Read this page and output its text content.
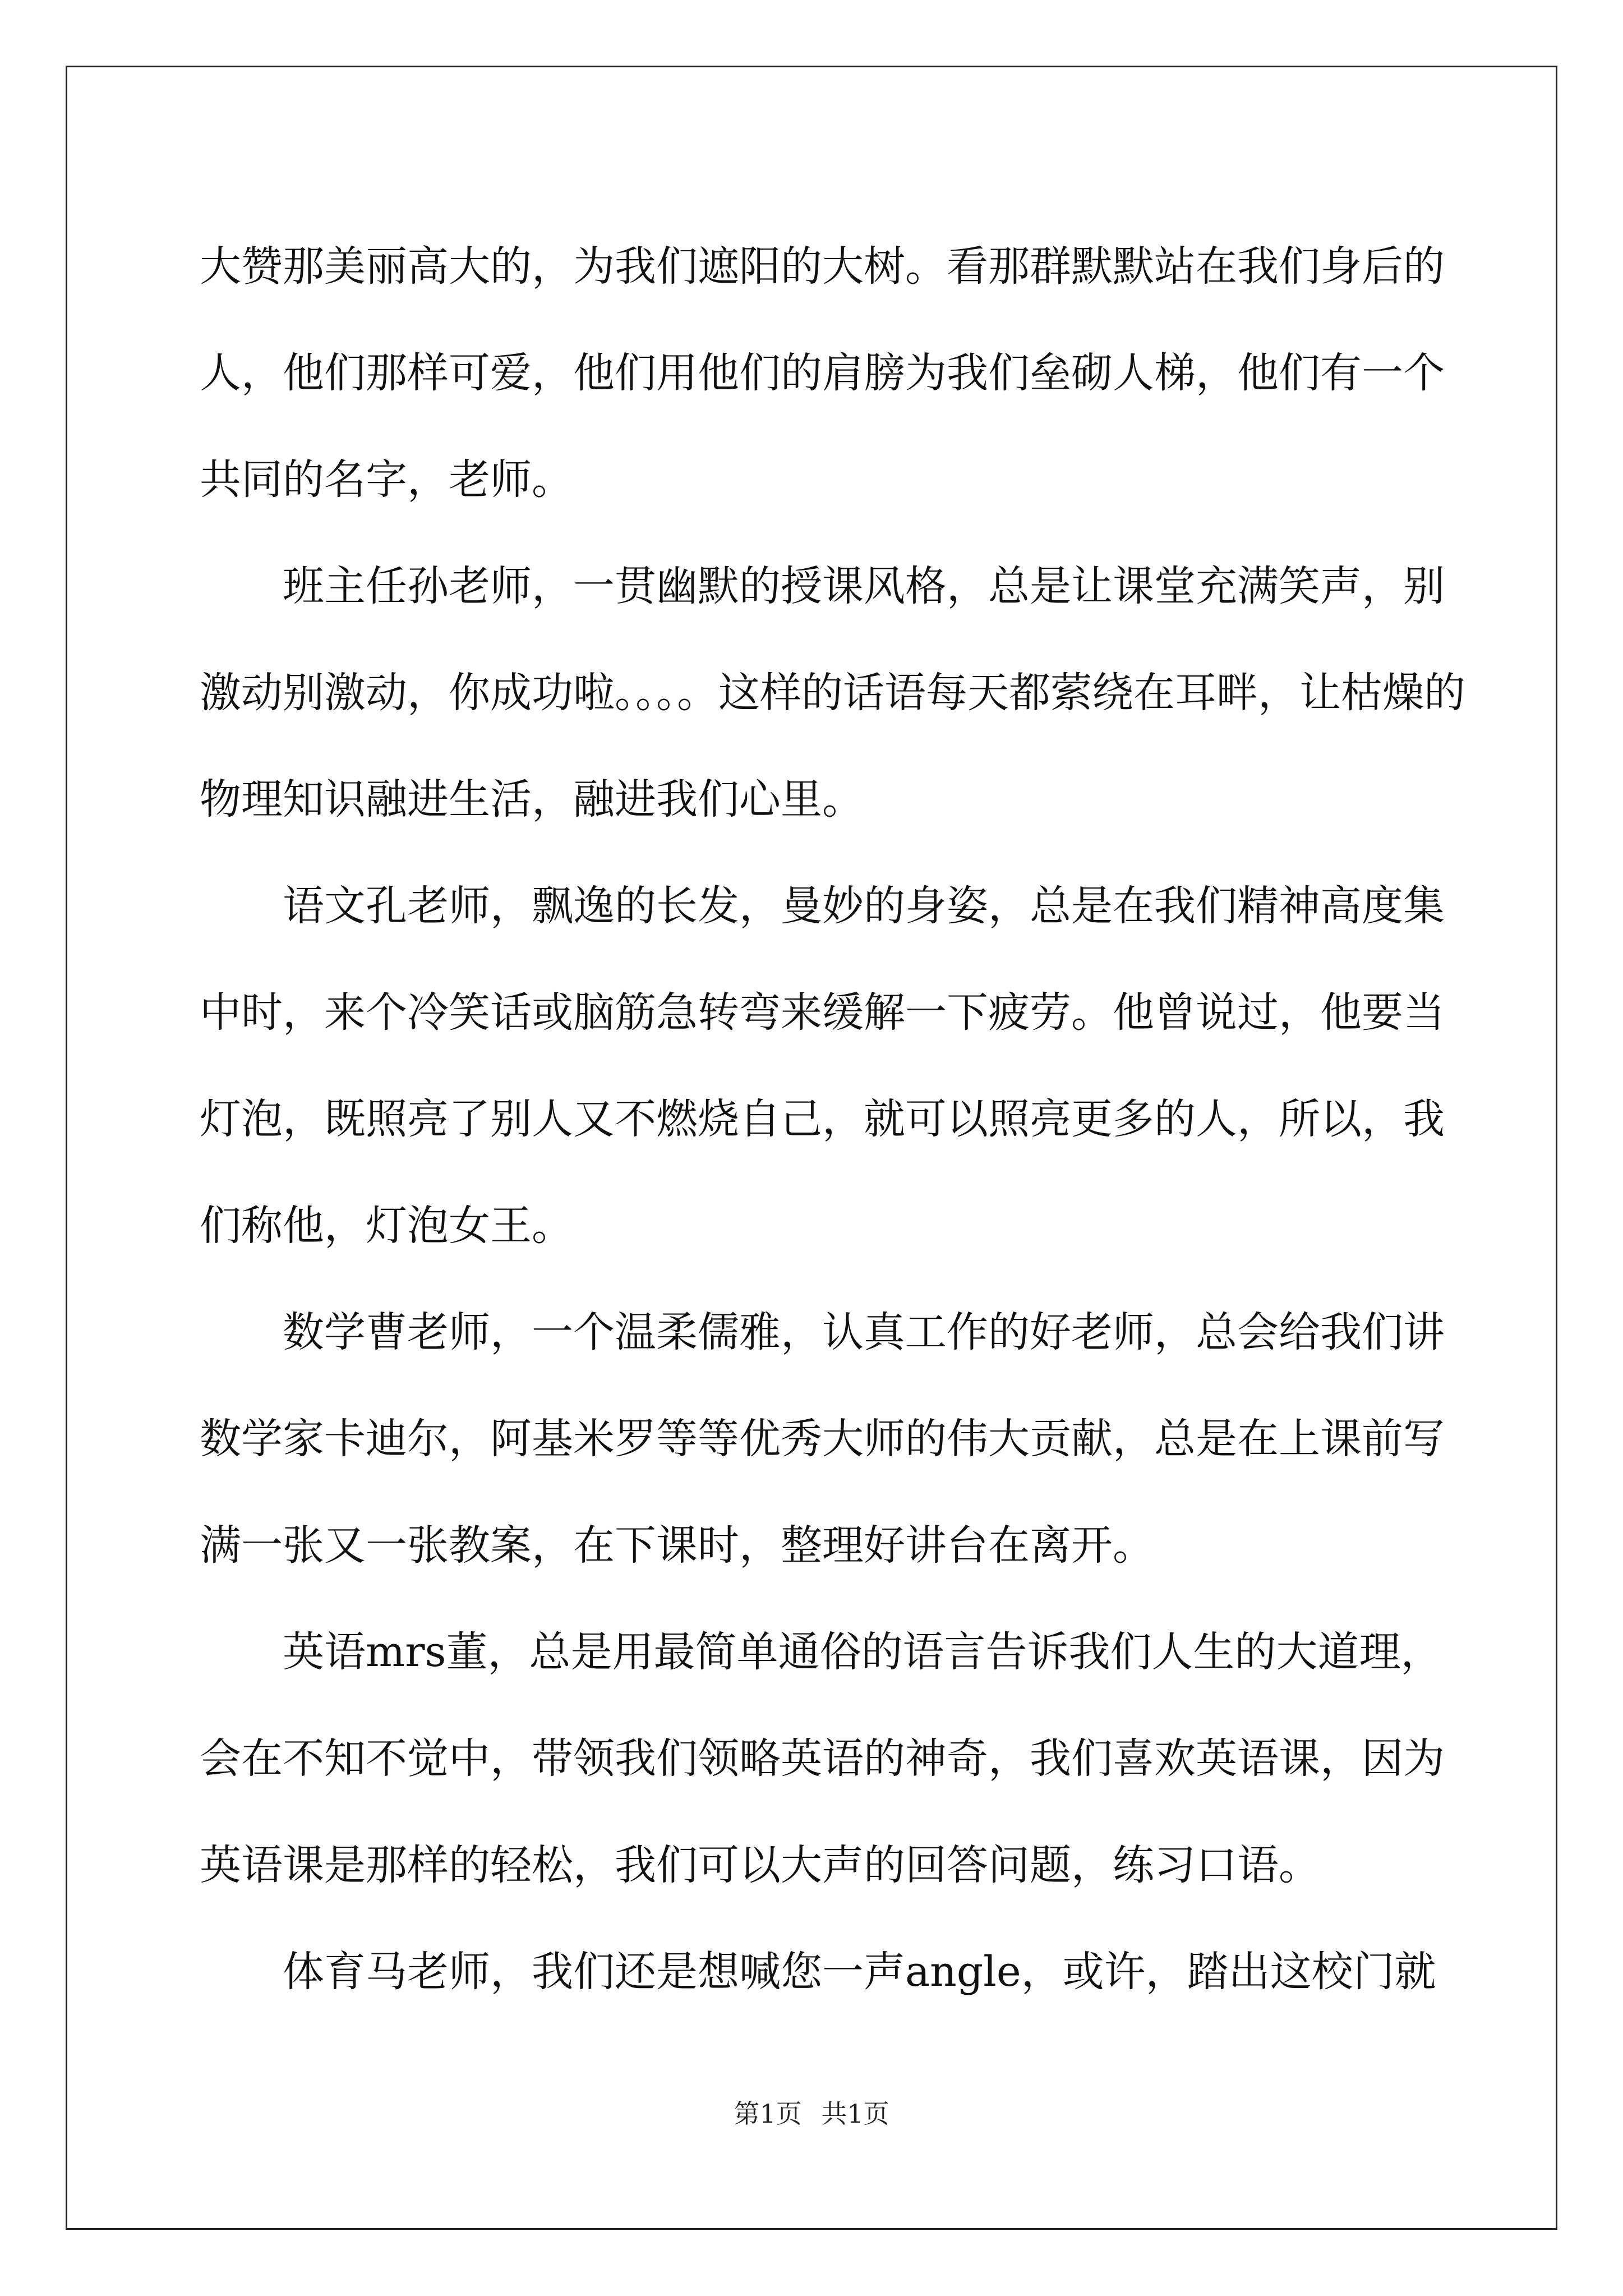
大赞那美丽高大的，为我们遮阳的大树。看那群默默站在我们身后的
人，他们那样可爱，他们用他们的肩膀为我们垒砌人梯，他们有一个
共同的名字，老师。
班主任孙老师，一贯幽默的授课风格，总是让课堂充满笑声，别
激动别激动，你成功啦。。。。这样的话语每天都萦绕在耳畔，让枯燥的
物理知识融进生活，融进我们心里。
语文孔老师，飘逸的长发，曼妙的身姿，总是在我们精神高度集
中时，来个冷笑话或脑筋急转弯来缓解一下疲劳。他曾说过，他要当
灯泡，既照亮了别人又不燃烧自己，就可以照亮更多的人，所以，我
们称他，灯泡女王。
数学曹老师，一个温柔儒雅，认真工作的好老师，总会给我们讲
数学家卡迪尔，阿基米罗等等优秀大师的伟大贡献，总是在上课前写
满一张又一张教案，在下课时，整理好讲台在离开。
英语mrs董，总是用最简单通俗的语言告诉我们人生的大道理，
会在不知不觉中，带领我们领略英语的神奇，我们喜欢英语课，因为
英语课是那样的轻松，我们可以大声的回答问题，练习口语。
体育马老师，我们还是想喊您一声angle，或许，踏出这校门就
第1页 共1页
